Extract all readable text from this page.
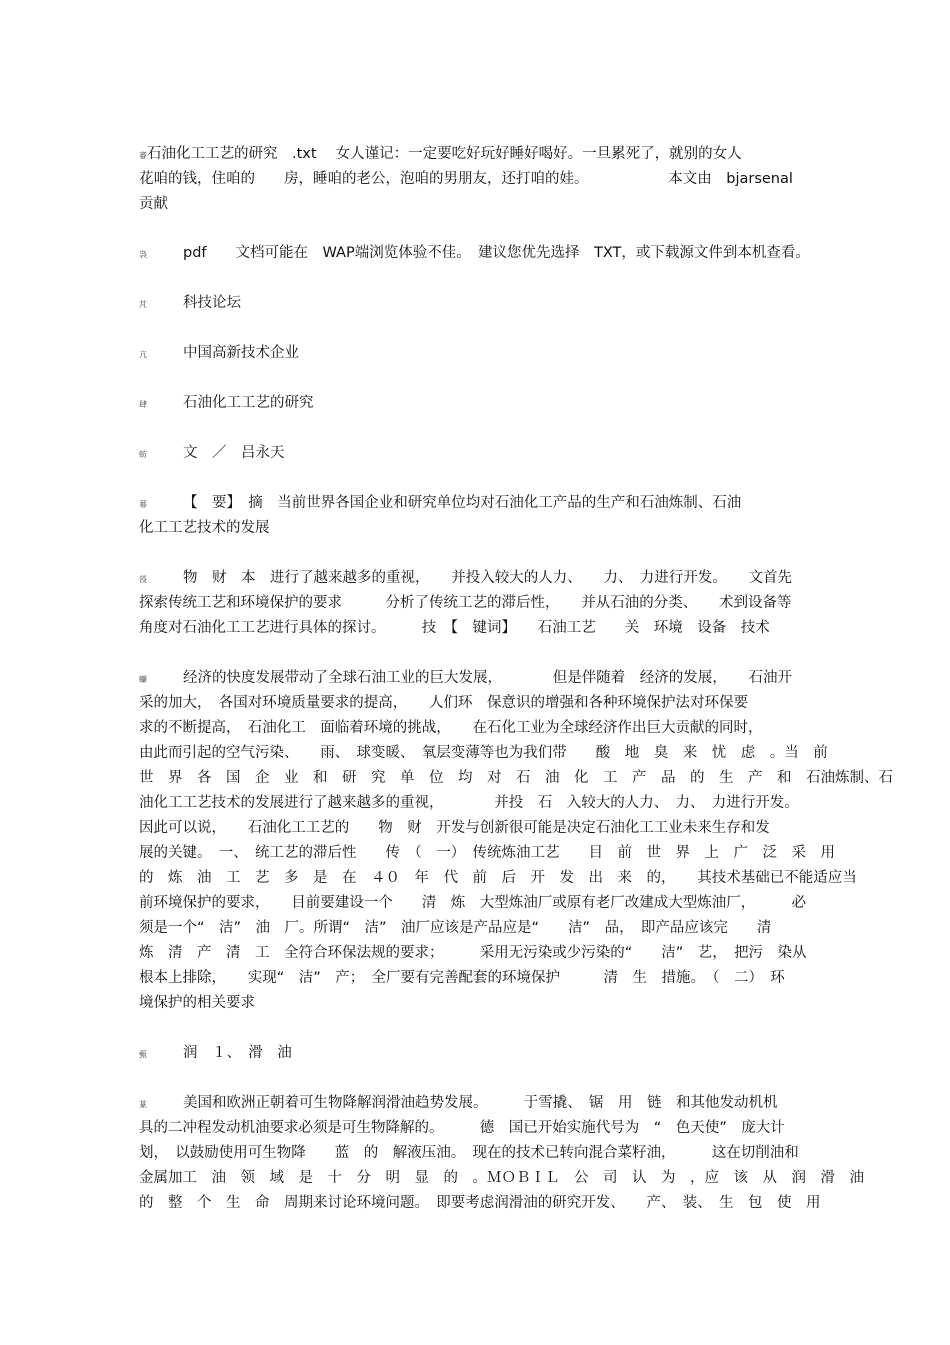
審石油化工工艺的研究　.txt　 女人谨记：一定要吃好玩好睡好喝好。一旦累死了，就别的女人
花咱的钱，住咱的　　房，睡咱的老公，泡咱的男朋友，还打咱的娃。　　　　　　本文由　bjarsenal
贡献
袅 pdf　　文档可能在　WAP端浏览体验不佳。　建议您优先选择　TXT，或下载源文件到本机查看。
芃 科技论坛
亢 中国高新技术企业
肆 石油化工工艺的研究
蚄 文　／　吕永天
幕 【　要】　摘　当前世界各国企业和研究单位均对石油化工产品的生产和石油炼制、石油
化工工艺技术的发展
莈 物　财　本　进行了越来越多的重视，　　并投入较大的人力、　　力、　力进行开发。　　文首先
探索传统工艺和环境保护的要求　　　分析了传统工艺的滞后性，　　并从石油的分类、　　术到设备等
角度对石油化工工艺进行具体的探讨。　　　技　【　键词】　　石油工艺　　关　环境　设备　技术
蠊 经济的快度发展带动了全球石油工业的巨大发展，　　　　但是伴随着　经济的发展，　　石油开
采的加大，　各国对环境质量要求的提高，　　人们环　保意识的增强和各种环境保护法对环保要
求的不断提高，　石油化工　面临着环境的挑战，　　在石化工业为全球经济作出巨大贡献的同时，
由此而引起的空气污染、　　雨、　球变暖、　氧层变薄等也为我们带　　酸　地　臭　来　忧　虑　。当　前
世　界　各　国　企　业　和　研　究　单　位　均　对　石　油　化　工　产　品　的　生　产　和　石油炼制、石
油化工工艺技术的发展进行了越来越多的重视，　　　　并投　石　入较大的人力、　力、　力进行开发。
因此可以说，　　石油化工工艺的　　物　财　开发与创新很可能是决定石油化工工业未来生存和发
展的关键。　一、　统工艺的滞后性　　传　（　一）　传统炼油工艺　　目　前　世　界　上　广　泛　采　用
的　炼　油　工　艺　多　是　在　４０　年　代　前　后　开　发　出　来　的，　　其技术基础已不能适应当
前环境保护的要求，　　目前要建设一个　　清　炼　大型炼油厂或原有老厂改建成大型炼油厂，　　　必
须是一个“　洁”　油　厂。所谓“　洁”　油厂应该是产品应是“　　洁”　品，　即产品应该完　　清
炼　清　产　清　工　全符合环保法规的要求；　　　采用无污染或少污染的“　　洁”　艺，　把污　染从
根本上排除，　　实现“　洁”　产；　全厂要有完善配套的环境保护　　　清　生　措施。　（　二）　环
境保护的相关要求
薽 润　１、　滑　油
蒃 美国和欧洲正朝着可生物降解润滑油趋势发展。　　　于雪撬、　锯　用　链　和其他发动机机
具的二冲程发动机油要求必须是可生物降解的。　　　德　国已开始实施代号为　“　色天使”　庞大计
划，　以鼓励使用可生物降　　蓝　的　解液压油。　现在的技术已转向混合菜籽油，　　　这在切削油和
金属加工　油　领　域　是　十　分　明　显　的　。ＭＯＢＩＬ　公　司　认　为　，应　该　从　润　滑　油
的　整　个　生　命　周期来讨论环境问题。　即要考虑润滑油的研究开发、　　产、　装、　生　包　使　用
